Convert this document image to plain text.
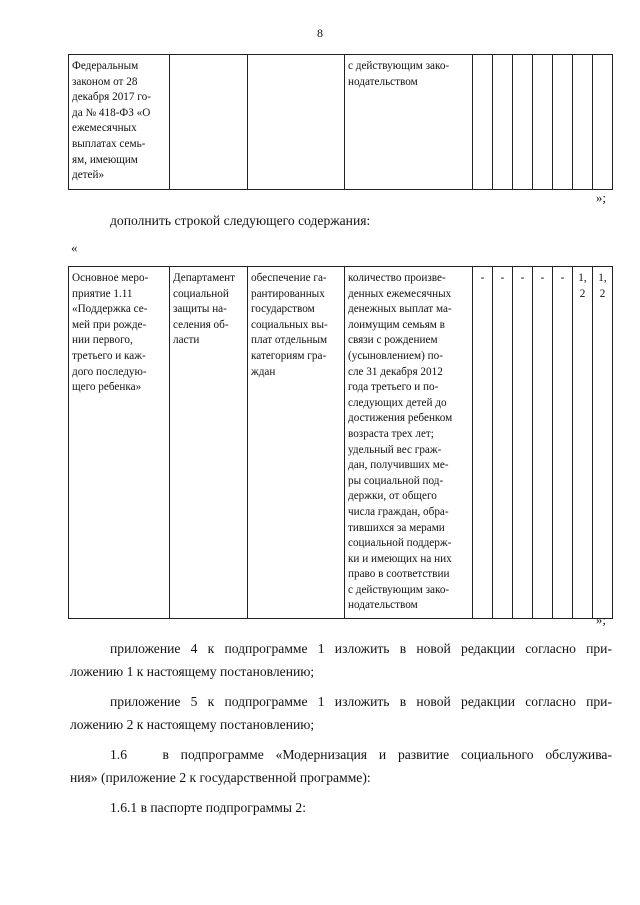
8
Федеральным
законом от 28
декабря 2017 го-
да № 418-ФЗ «О
ежемесячных
выплатах семь-
ям, имеющим
детей»			с действующим зако-
нодательством							
»;
дополнить строкой следующего содержания:
«
Основное меро-
приятие 1.11
«Поддержка се-
мей при рожде-
нии первого,
третьего и каж-
дого последую-
щего ребенка»	Департамент
социальной
защиты на-
селения об-
ласти	обеспечение га-
рантированных
государством
социальных вы-
плат отдельным
категориям гра-
ждан	количество произве-
денных ежемесячных
денежных выплат ма-
лоимущим семьям в
связи с рождением
(усыновлением) по-
сле 31 декабря 2012
года третьего и по-
следующих детей до
достижения ребенком
возраста трех лет;
удельный вес граж-
дан, получивших ме-
ры социальной под-
держки, от общего
числа граждан, обра-
тившихся за мерами
социальной поддерж-
ки и имеющих на них
право в соответствии
с действующим зако-
нодательством	-	-	-	-	-	1,
2	1,
2
»;
приложение 4 к подпрограмме 1 изложить в новой редакции согласно при-
ложению 1 к настоящему постановлению;
приложение 5 к подпрограмме 1 изложить в новой редакции согласно при-
ложению 2 к настоящему постановлению;
1.6   в подпрограмме «Модернизация и развитие социального обслужива-
ния» (приложение 2 к государственной программе):
1.6.1 в паспорте подпрограммы 2:
